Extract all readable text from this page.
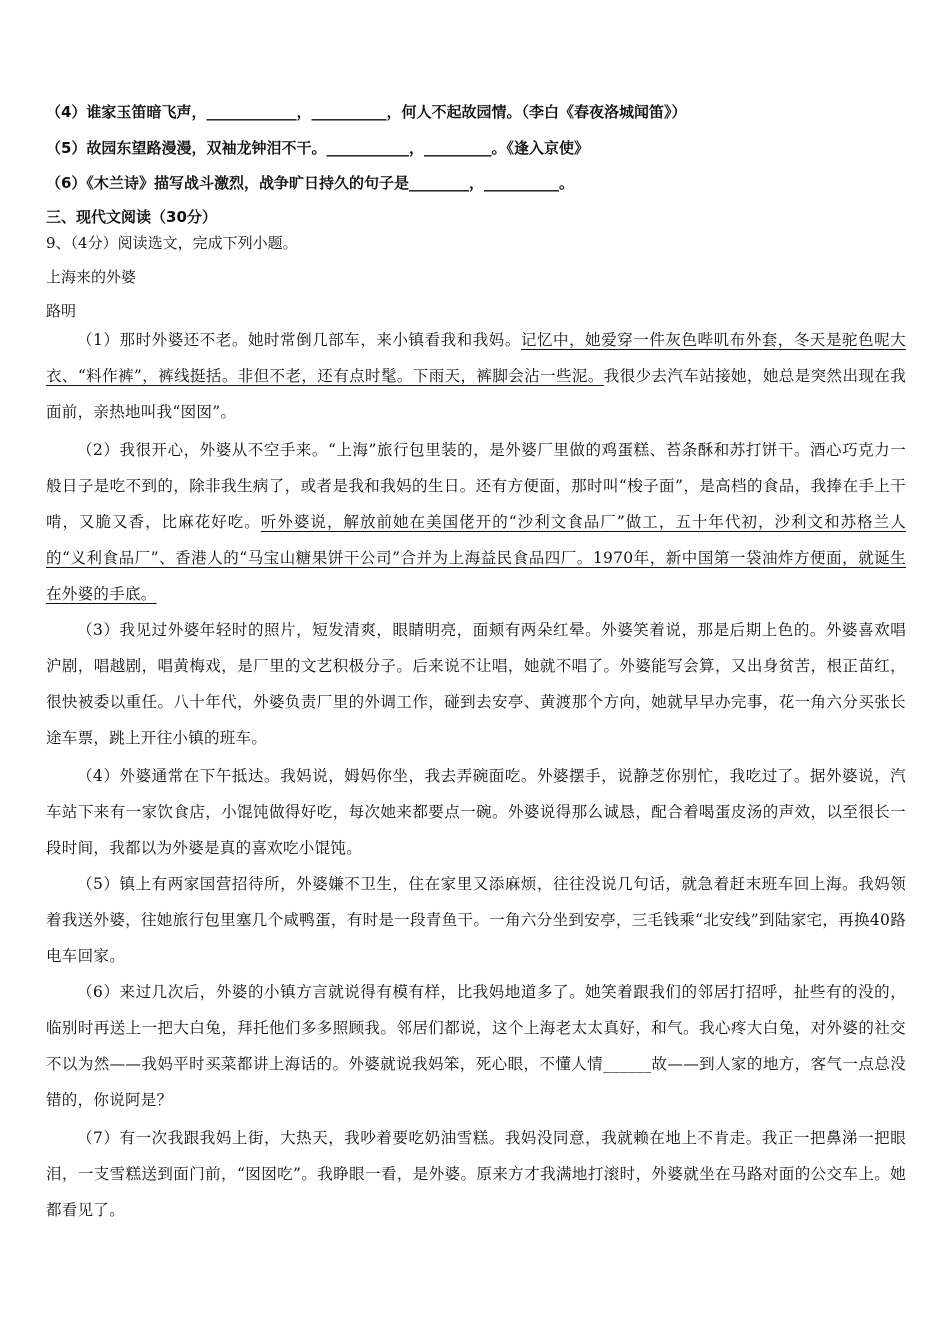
（4）谁家玉笛暗飞声，____________，__________，何人不起故园情。（李白《春夜洛城闻笛》）
（5）故园东望路漫漫，双袖龙钟泪不干。___________，_________。《逢入京使》
（6）《木兰诗》描写战斗激烈，战争旷日持久的句子是________，__________。
三、现代文阅读（30分）
9、（4分）阅读选文，完成下列小题。
上海来的外婆
路明
（1）那时外婆还不老。她时常倒几部车，来小镇看我和我妈。记忆中，她爱穿一件灰色哔叽布外套，冬天是驼色呢大衣、“料作裤”，裤线挺括。非但不老，还有点时髦。下雨天，裤脚会沾一些泥。我很少去汽车站接她，她总是突然出现在我面前，亲热地叫我“囡囡”。
（2）我很开心，外婆从不空手来。“上海”旅行包里装的，是外婆厂里做的鸡蛋糕、苔条酥和苏打饼干。酒心巧克力一般日子是吃不到的，除非我生病了，或者是我和我妈的生日。还有方便面，那时叫“梭子面”，是高档的食品，我捧在手上干啃，又脆又香，比麻花好吃。听外婆说，解放前她在美国佬开的“沙利文食品厂”做工，五十年代初，沙利文和苏格兰人的“义利食品厂”、香港人的“马宝山糖果饼干公司”合并为上海益民食品四厂。1970年，新中国第一袋油炸方便面，就诞生在外婆的手底。
（3）我见过外婆年轻时的照片，短发清爽，眼睛明亮，面颊有两朵红晕。外婆笑着说，那是后期上色的。外婆喜欢唱沪剧，唱越剧，唱黄梅戏，是厂里的文艺积极分子。后来说不让唱，她就不唱了。外婆能写会算，又出身贫苦，根正苗红，很快被委以重任。八十年代，外婆负责厂里的外调工作，碰到去安亭、黄渡那个方向，她就早早办完事，花一角六分买张长途车票，跳上开往小镇的班车。
（4）外婆通常在下午抵达。我妈说，姆妈你坐，我去弄碗面吃。外婆摆手，说静芝你别忙，我吃过了。据外婆说，汽车站下来有一家饮食店，小馄饨做得好吃，每次她来都要点一碗。外婆说得那么诚恳，配合着喝蛋皮汤的声效，以至很长一段时间，我都以为外婆是真的喜欢吃小馄饨。
（5）镇上有两家国营招待所，外婆嫌不卫生，住在家里又添麻烦，往往没说几句话，就急着赶末班车回上海。我妈领着我送外婆，往她旅行包里塞几个咸鸭蛋，有时是一段青鱼干。一角六分坐到安亭，三毛钱乘“北安线”到陆家宅，再换40路电车回家。
（6）来过几次后，外婆的小镇方言就说得有模有样，比我妈地道多了。她笑着跟我们的邻居打招呼，扯些有的没的，临别时再送上一把大白兔，拜托他们多多照顾我。邻居们都说，这个上海老太太真好，和气。我心疼大白兔，对外婆的社交不以为然——我妈平时买菜都讲上海话的。外婆就说我妈笨，死心眼，不懂人情______故——到人家的地方，客气一点总没错的，你说阿是？
（7）有一次我跟我妈上街，大热天，我吵着要吃奶油雪糕。我妈没同意，我就赖在地上不肯走。我正一把鼻涕一把眼泪，一支雪糕送到面门前，“囡囡吃”。我睁眼一看，是外婆。原来方才我满地打滚时，外婆就坐在马路对面的公交车上。她都看见了。
